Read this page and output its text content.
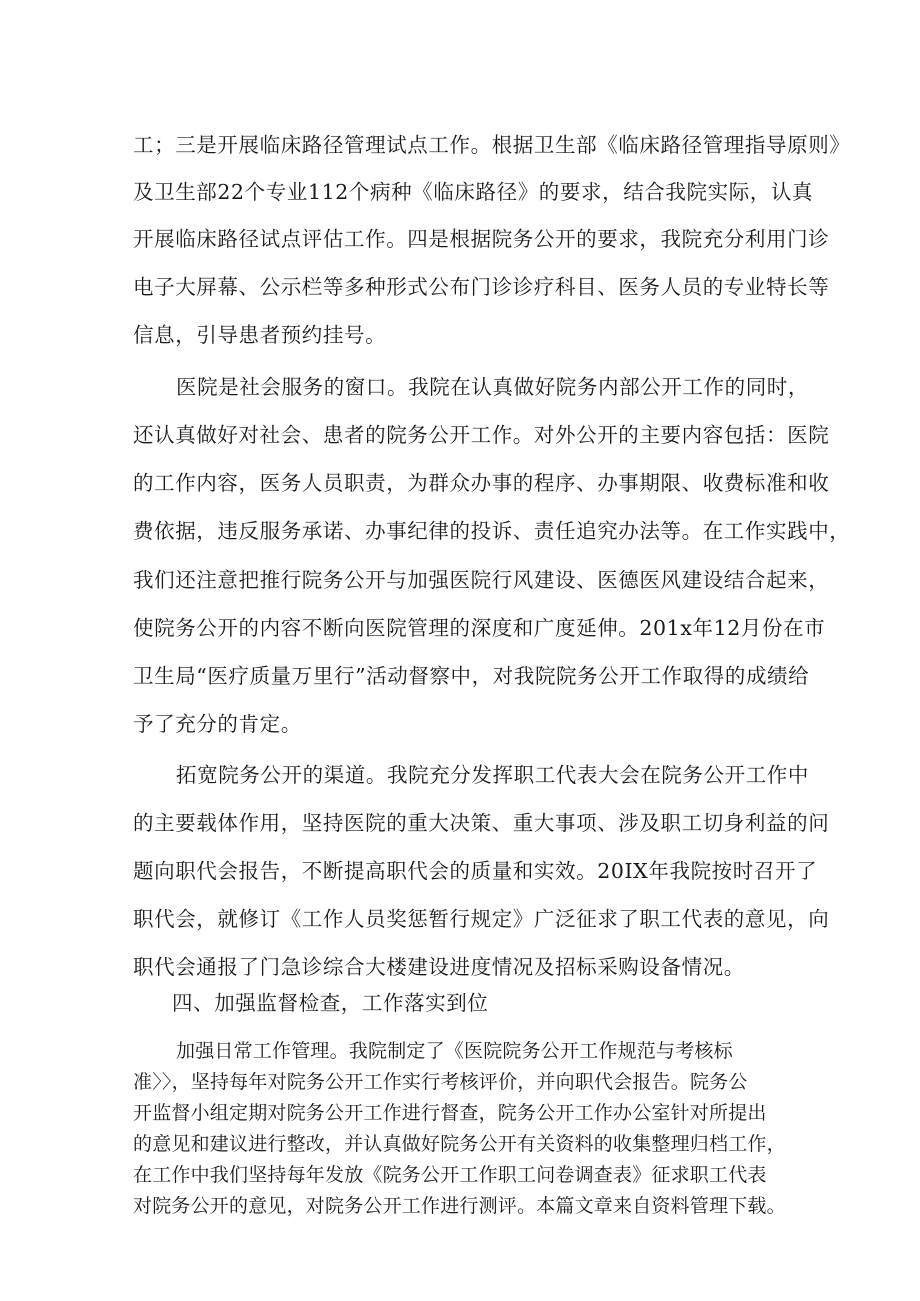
工；三是开展临床路径管理试点工作。根据卫生部《临床路径管理指导原则》

及卫生部22个专业112个病种《临床路径》的要求，结合我院实际，认真

开展临床路径试点评估工作。四是根据院务公开的要求，我院充分利用门诊

电子大屏幕、公示栏等多种形式公布门诊诊疗科目、医务人员的专业特长等

信息，引导患者预约挂号。

医院是社会服务的窗口。我院在认真做好院务内部公开工作的同时，

还认真做好对社会、患者的院务公开工作。对外公开的主要内容包括：医院

的工作内容，医务人员职责，为群众办事的程序、办事期限、收费标准和收

费依据，违反服务承诺、办事纪律的投诉、责任追究办法等。在工作实践中，

我们还注意把推行院务公开与加强医院行风建设、医德医风建设结合起来，

使院务公开的内容不断向医院管理的深度和广度延伸。201x年12月份在市

卫生局“医疗质量万里行”活动督察中，对我院院务公开工作取得的成绩给

予了充分的肯定。

拓宽院务公开的渠道。我院充分发挥职工代表大会在院务公开工作中

的主要载体作用，坚持医院的重大决策、重大事项、涉及职工切身利益的问

题向职代会报告，不断提高职代会的质量和实效。20IX年我院按时召开了

职代会，就修订《工作人员奖惩暂行规定》广泛征求了职工代表的意见，向

职代会通报了门急诊综合大楼建设进度情况及招标采购设备情况。

四、加强监督检查，工作落实到位

加强日常工作管理。我院制定了《医院院务公开工作规范与考核标

准〉〉，坚持每年对院务公开工作实行考核评价，并向职代会报告。院务公

开监督小组定期对院务公开工作进行督查，院务公开工作办公室针对所提出

的意见和建议进行整改，并认真做好院务公开有关资料的收集整理归档工作，

在工作中我们坚持每年发放《院务公开工作职工问卷调查表》征求职工代表

对院务公开的意见，对院务公开工作进行测评。本篇文章来自资料管理下载。
